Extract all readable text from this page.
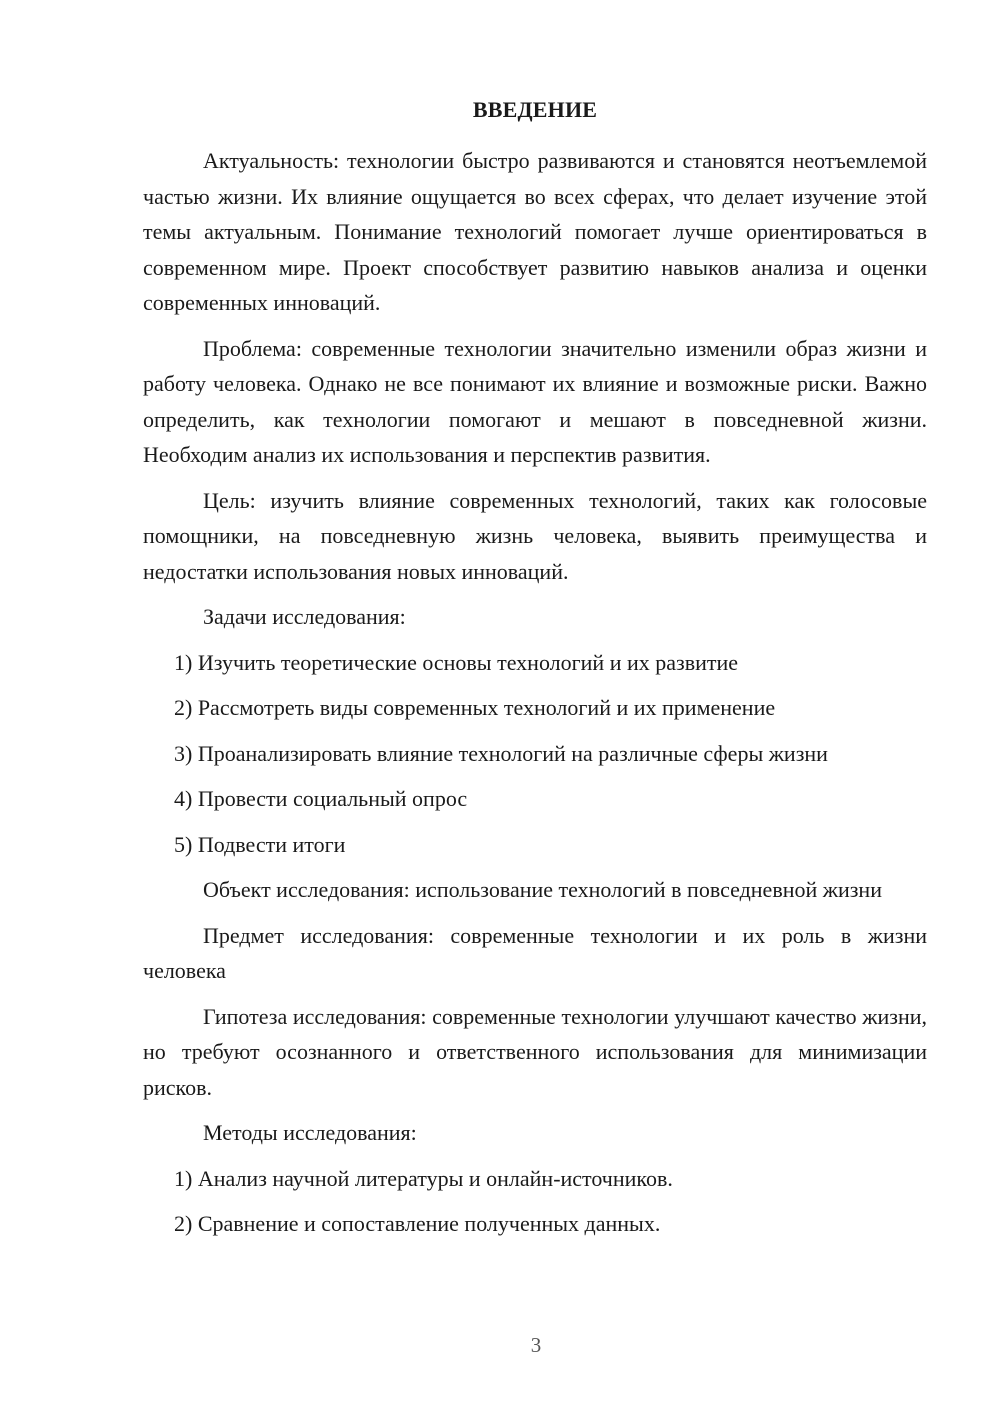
ВВЕДЕНИЕ

Актуальность: технологии быстро развиваются и становятся неотъемлемой частью жизни. Их влияние ощущается во всех сферах, что делает изучение этой темы актуальным. Понимание технологий помогает лучше ориентироваться в современном мире. Проект способствует развитию навыков анализа и оценки современных инноваций.

Проблема: современные технологии значительно изменили образ жизни и работу человека. Однако не все понимают их влияние и возможные риски. Важно определить, как технологии помогают и мешают в повседневной жизни. Необходим анализ их использования и перспектив развития.

Цель: изучить влияние современных технологий, таких как голосовые помощники, на повседневную жизнь человека, выявить преимущества и недостатки использования новых инноваций.

Задачи исследования:

1) Изучить теоретические основы технологий и их развитие
2) Рассмотреть виды современных технологий и их применение
3) Проанализировать влияние технологий на различные сферы жизни
4) Провести социальный опрос
5) Подвести итоги

Объект исследования: использование технологий в повседневной жизни

Предмет исследования: современные технологии и их роль в жизни человека

Гипотеза исследования: современные технологии улучшают качество жизни, но требуют осознанного и ответственного использования для минимизации рисков.

Методы исследования:

1) Анализ научной литературы и онлайн-источников.
2) Сравнение и сопоставление полученных данных.
3
